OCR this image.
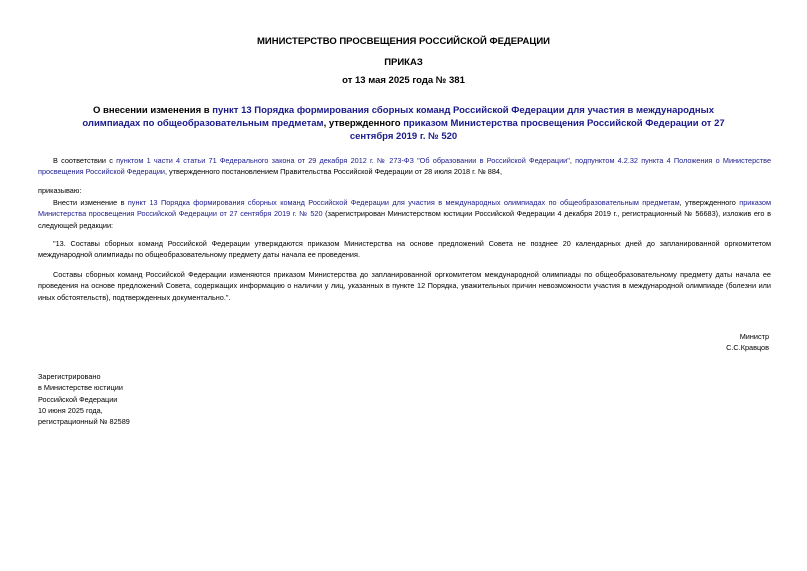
МИНИСТЕРСТВО ПРОСВЕЩЕНИЯ РОССИЙСКОЙ ФЕДЕРАЦИИ
ПРИКАЗ
от 13 мая 2025 года № 381
О внесении изменения в пункт 13 Порядка формирования сборных команд Российской Федерации для участия в международных олимпиадах по общеобразовательным предметам, утвержденного приказом Министерства просвещения Российской Федерации от 27 сентября 2019 г. № 520
В соответствии с пунктом 1 части 4 статьи 71 Федерального закона от 29 декабря 2012 г. № 273-ФЗ "Об образовании в Российской Федерации", подпунктом 4.2.32 пункта 4 Положения о Министерстве просвещения Российской Федерации, утвержденного постановлением Правительства Российской Федерации от 28 июля 2018 г. № 884,
приказываю:
Внести изменение в пункт 13 Порядка формирования сборных команд Российской Федерации для участия в международных олимпиадах по общеобразовательным предметам, утвержденного приказом Министерства просвещения Российской Федерации от 27 сентября 2019 г. № 520 (зарегистрирован Министерством юстиции Российской Федерации 4 декабря 2019 г., регистрационный № 56683), изложив его в следующей редакции:
"13. Составы сборных команд Российской Федерации утверждаются приказом Министерства на основе предложений Совета не позднее 20 календарных дней до запланированной оргкомитетом международной олимпиады по общеобразовательному предмету даты начала ее проведения.
Составы сборных команд Российской Федерации изменяются приказом Министерства до запланированной оргкомитетом международной олимпиады по общеобразовательному предмету даты начала ее проведения на основе предложений Совета, содержащих информацию о наличии у лиц, указанных в пункте 12 Порядка, уважительных причин невозможности участия в международной олимпиаде (болезни или иных обстоятельств), подтвержденных документально.".
Министр
С.С.Кравцов
Зарегистрировано
в Министерстве юстиции
Российской Федерации
10 июня 2025 года,
регистрационный № 82589
